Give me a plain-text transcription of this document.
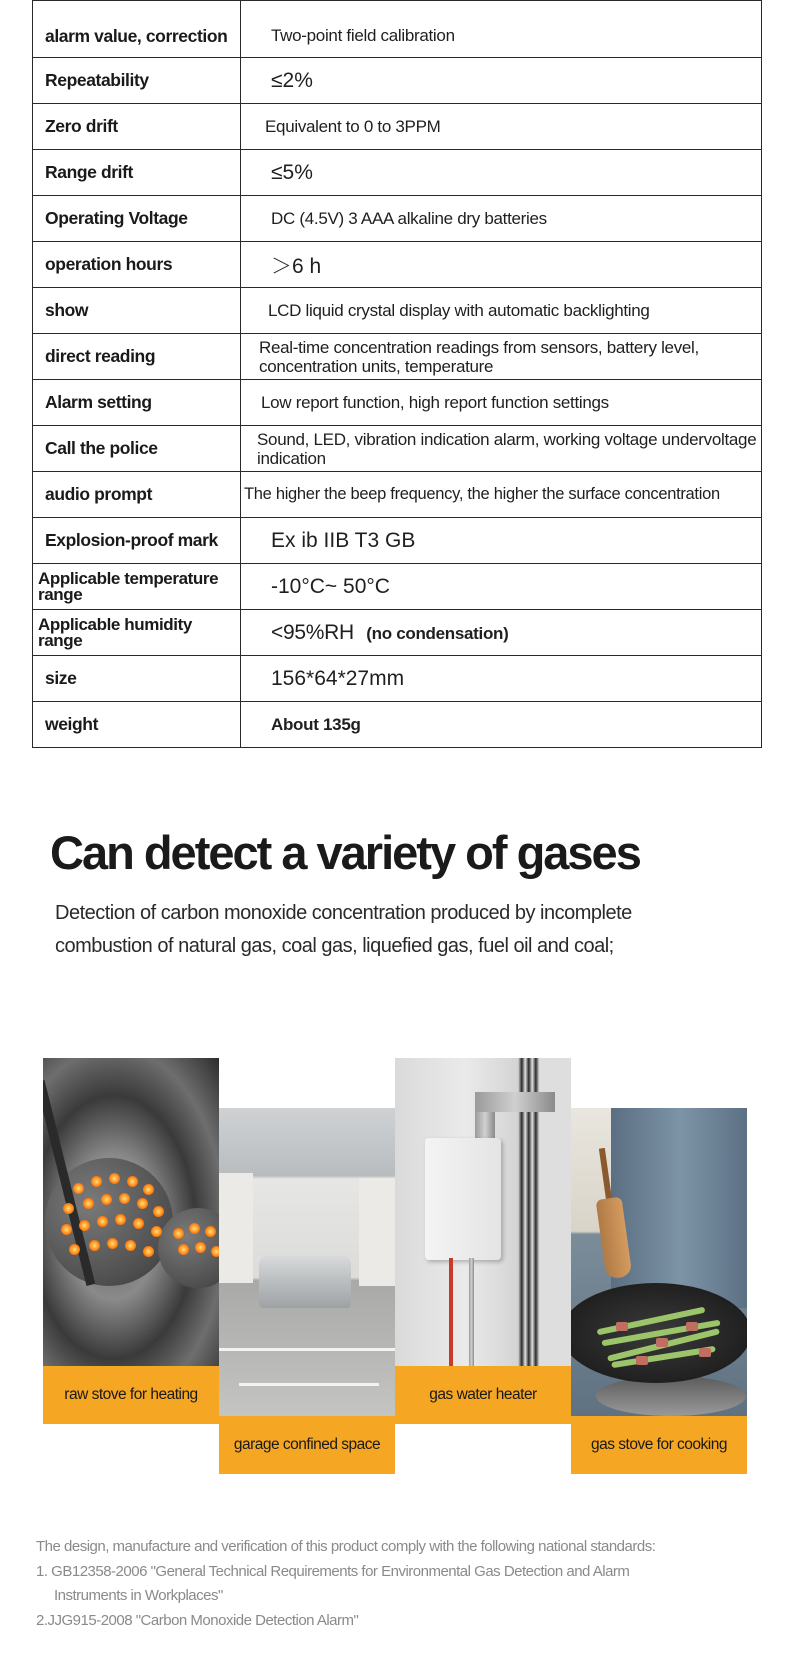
alarm value, correction	Two-point field calibration
Repeatability	≤2%
Zero drift	Equivalent to 0 to 3PPM
Range drift	≤5%
Operating Voltage	DC (4.5V) 3 AAA alkaline dry batteries
operation hours	＞6 h
show	LCD liquid crystal display with automatic backlighting
direct reading	Real-time concentration readings from sensors, battery level, concentration units, temperature
Alarm setting	Low report function, high report function settings
Call the police	Sound, LED, vibration indication alarm, working voltage undervoltage indication
audio prompt	The higher the beep frequency, the higher the surface concentration
Explosion-proof mark	Ex ib IIB T3 GB
Applicable temperature range	-10°C~ 50°C
Applicable humidity range	<95%RH (no condensation)
size	156*64*27mm
weight	About 135g
Can detect a variety of gases
Detection of carbon monoxide concentration produced by incomplete combustion of natural gas, coal gas, liquefied gas, fuel oil and coal;
raw stove for heating
garage confined space
gas water heater
gas stove for cooking
The design, manufacture and verification of this product comply with the following national standards:
1. GB12358-2006 "General Technical Requirements for Environmental Gas Detection and Alarm
Instruments in Workplaces"
2.JJG915-2008 "Carbon Monoxide Detection Alarm"
